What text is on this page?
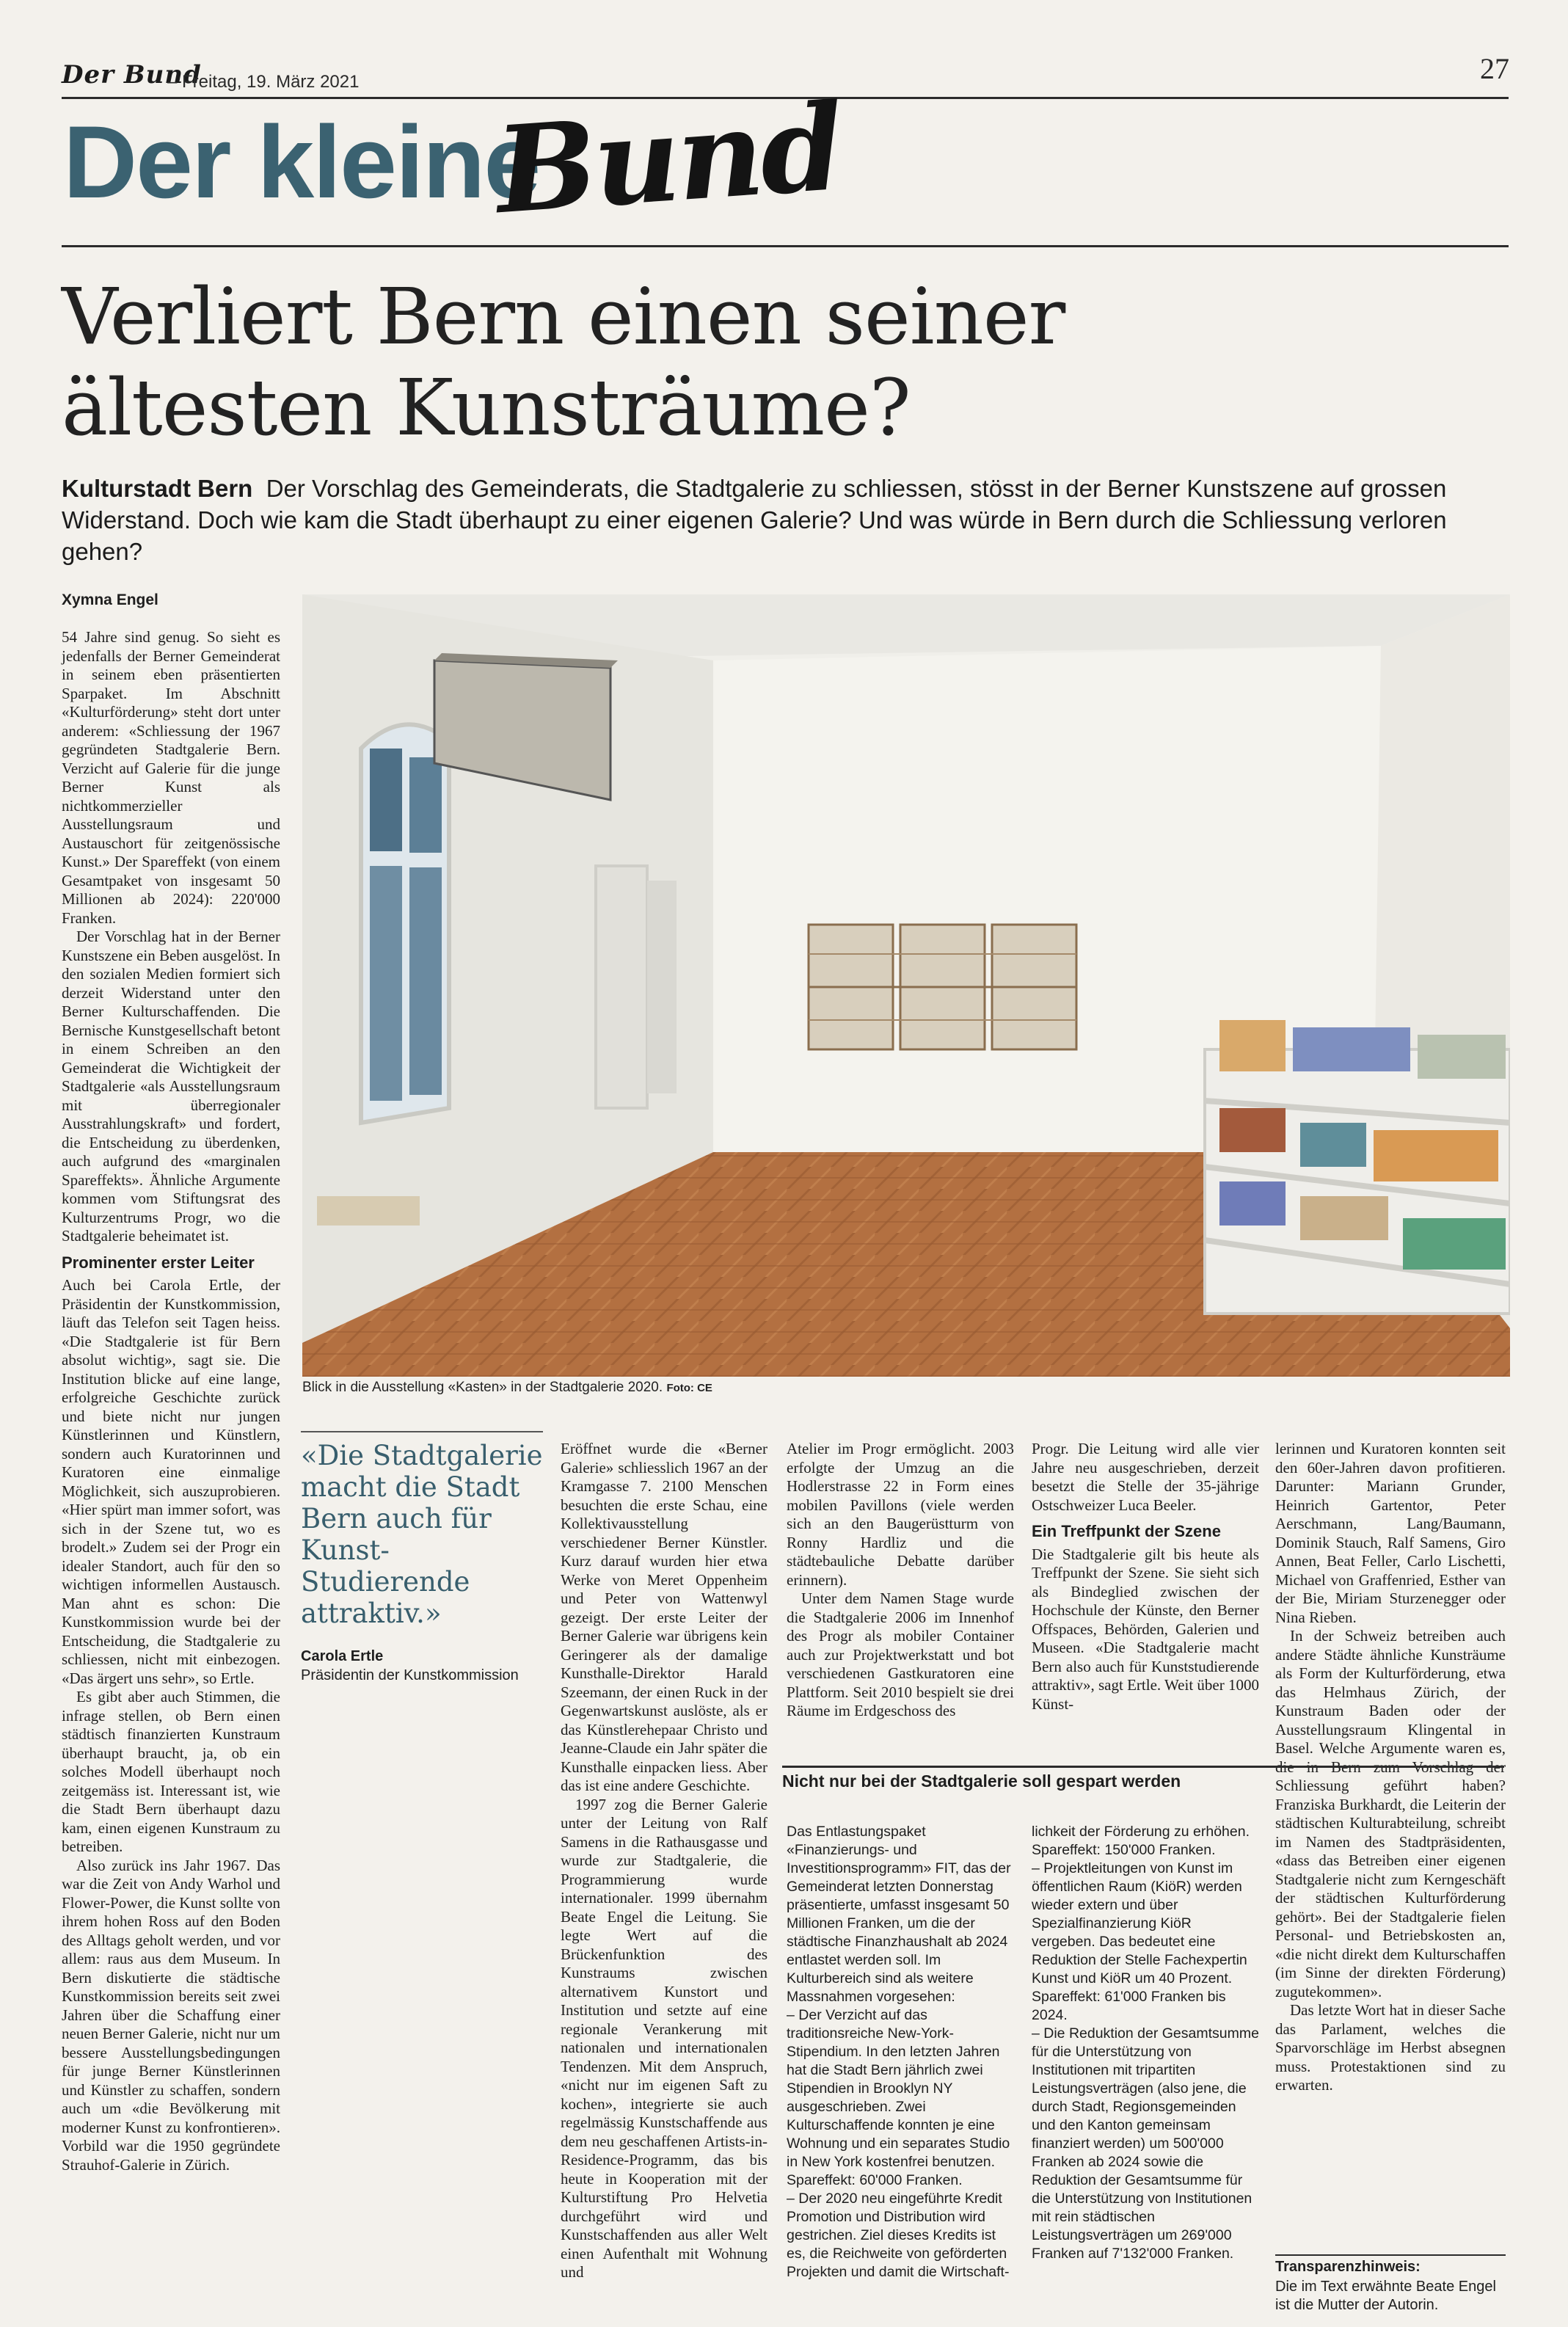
Der Bund
– Freitag, 19. März 2021	27
Der kleine
Bund
Verliert Bern einen seiner
ältesten Kunsträume?
Kulturstadt Bern Der Vorschlag des Gemeinderats, die Stadtgalerie zu schliessen, stösst in der Berner Kunstszene auf grossen Widerstand. Doch wie kam die Stadt überhaupt zu einer eigenen Galerie? Und was würde in Bern durch die Schliessung verloren gehen?
Xymna Engel

54 Jahre sind genug. So sieht es jedenfalls der Berner Gemeinderat in seinem eben präsentierten Sparpaket. Im Abschnitt «Kulturförderung» steht dort unter anderem: «Schliessung der 1967 gegründeten Stadtgalerie Bern. Verzicht auf Galerie für die junge Berner Kunst als nichtkommerzieller Ausstellungsraum und Austauschort für zeitgenössische Kunst.» Der Spareffekt (von einem Gesamtpaket von insgesamt 50 Millionen ab 2024): 220'000 Franken.

Der Vorschlag hat in der Berner Kunstszene ein Beben ausgelöst. In den sozialen Medien formiert sich derzeit Widerstand unter den Berner Kulturschaffenden. Die Bernische Kunstgesellschaft betont in einem Schreiben an den Gemeinderat die Wichtigkeit der Stadtgalerie «als Ausstellungsraum mit überregionaler Ausstrahlungskraft» und fordert, die Entscheidung zu überdenken, auch aufgrund des «marginalen Spareffekts». Ähnliche Argumente kommen vom Stiftungsrat des Kulturzentrums Progr, wo die Stadtgalerie beheimatet ist.

Prominenter erster Leiter

Auch bei Carola Ertle, der Präsidentin der Kunstkommission, läuft das Telefon seit Tagen heiss. «Die Stadtgalerie ist für Bern absolut wichtig», sagt sie. Die Institution blicke auf eine lange, erfolgreiche Geschichte zurück und biete nicht nur jungen Künstlerinnen und Künstlern, sondern auch Kuratorinnen und Kuratoren eine einmalige Möglichkeit, sich auszuprobieren. «Hier spürt man immer sofort, was sich in der Szene tut, wo es brodelt.» Zudem sei der Progr ein idealer Standort, auch für den so wichtigen informellen Austausch. Man ahnt es schon: Die Kunstkommission wurde bei der Entscheidung, die Stadtgalerie zu schliessen, nicht mit einbezogen. «Das ärgert uns sehr», so Ertle.

Es gibt aber auch Stimmen, die infrage stellen, ob Bern einen städtisch finanzierten Kunstraum überhaupt braucht, ja, ob ein solches Modell überhaupt noch zeitgemäss ist. Interessant ist, wie die Stadt Bern überhaupt dazu kam, einen eigenen Kunstraum zu betreiben.

Also zurück ins Jahr 1967. Das war die Zeit von Andy Warhol und Flower-Power, die Kunst sollte von ihrem hohen Ross auf den Boden des Alltags geholt werden, und vor allem: raus aus dem Museum. In Bern diskutierte die städtische Kunstkommission bereits seit zwei Jahren über die Schaffung einer neuen Berner Galerie, nicht nur um bessere Ausstellungsbedingungen für junge Berner Künstlerinnen und Künstler zu schaffen, sondern auch um «die Bevölkerung mit moderner Kunst zu konfrontieren». Vorbild war die 1950 gegründete Strauhof-Galerie in Zürich.

Blick in die Ausstellung «Kasten» in der Stadtgalerie 2020. Foto: CE
«Die Stadtgalerie macht die Stadt Bern auch für Kunst-Studierende attraktiv.»
Carola Ertle
Präsidentin der Kunstkommission

Eröffnet wurde die «Berner Galerie» schliesslich 1967 an der Kramgasse 7. 2100 Menschen besuchten die erste Schau, eine Kollektivausstellung verschiedener Berner Künstler. Kurz darauf wurden hier etwa Werke von Meret Oppenheim und Peter von Wattenwyl gezeigt. Der erste Leiter der Berner Galerie war übrigens kein Geringerer als der damalige Kunsthalle-Direktor Harald Szeemann, der einen Ruck in der Gegenwartskunst auslöste, als er das Künstlerehepaar Christo und Jeanne-Claude ein Jahr später die Kunsthalle einpacken liess. Aber das ist eine andere Geschichte.

1997 zog die Berner Galerie unter der Leitung von Ralf Samens in die Rathausgasse und wurde zur Stadtgalerie, die Programmierung wurde internationaler. 1999 übernahm Beate Engel die Leitung. Sie legte Wert auf die Brückenfunktion des Kunstraums zwischen alternativem Kunstort und Institution und setzte auf eine regionale Verankerung mit nationalen und internationalen Tendenzen. Mit dem Anspruch, «nicht nur im eigenen Saft zu kochen», integrierte sie auch regelmässig Kunstschaffende aus dem neu geschaffenen Artists-in-Residence-Programm, das bis heute in Kooperation mit der Kulturstiftung Pro Helvetia durchgeführt wird und Kunstschaffenden aus aller Welt einen Aufenthalt mit Wohnung und

Atelier im Progr ermöglicht. 2003 erfolgte der Umzug an die Hodlerstrasse 22 in Form eines mobilen Pavillons (viele werden sich an den Baugerüstturm von Ronny Hardliz und die städtebauliche Debatte darüber erinnern).

Unter dem Namen Stage wurde die Stadtgalerie 2006 im Innenhof des Progr als mobiler Container auch zur Projektwerkstatt und bot verschiedenen Gastkuratoren eine Plattform. Seit 2010 bespielt sie drei Räume im Erdgeschoss des

Progr. Die Leitung wird alle vier Jahre neu ausgeschrieben, derzeit besetzt die Stelle der 35-jährige Ostschweizer Luca Beeler.

Ein Treffpunkt der Szene

Die Stadtgalerie gilt bis heute als Treffpunkt der Szene. Sie sieht sich als Bindeglied zwischen der Hochschule der Künste, den Berner Offspaces, Behörden, Galerien und Museen. «Die Stadtgalerie macht Bern also auch für Kunststudierende attraktiv», sagt Ertle. Weit über 1000 Künst-

lerinnen und Kuratoren konnten seit den 60er-Jahren davon profitieren. Darunter: Mariann Grunder, Heinrich Gartentor, Peter Aerschmann, Lang/Baumann, Dominik Stauch, Ralf Samens, Giro Annen, Beat Feller, Carlo Lischetti, Michael von Graffenried, Esther van der Bie, Miriam Sturzenegger oder Nina Rieben.

In der Schweiz betreiben auch andere Städte ähnliche Kunsträume als Form der Kulturförderung, etwa das Helmhaus Zürich, der Kunstraum Baden oder der Ausstellungsraum Klingental in Basel. Welche Argumente waren es, die in Bern zum Vorschlag der Schliessung geführt haben? Franziska Burkhardt, die Leiterin der städtischen Kulturabteilung, schreibt im Namen des Stadtpräsidenten, «dass das Betreiben einer eigenen Stadtgalerie nicht zum Kerngeschäft der städtischen Kulturförderung gehört». Bei der Stadtgalerie fielen Personal- und Betriebskosten an, «die nicht direkt dem Kulturschaffen (im Sinne der direkten Förderung) zugutekommen».

Das letzte Wort hat in dieser Sache das Parlament, welches die Sparvorschläge im Herbst absegnen muss. Protestaktionen sind zu erwarten.

Nicht nur bei der Stadtgalerie soll gespart werden

Das Entlastungspaket «Finanzierungs- und Investitionsprogramm» FIT, das der Gemeinderat letzten Donnerstag präsentierte, umfasst insgesamt 50 Millionen Franken, um die der städtische Finanzhaushalt ab 2024 entlastet werden soll. Im Kulturbereich sind als weitere Massnahmen vorgesehen:

– Der Verzicht auf das traditionsreiche New-York-Stipendium. In den letzten Jahren hat die Stadt Bern jährlich zwei Stipendien in Brooklyn NY ausgeschrieben. Zwei Kulturschaffende konnten je eine Wohnung und ein separates Studio in New York kostenfrei benutzen. Spareffekt: 60'000 Franken.

– Der 2020 neu eingeführte Kredit Promotion und Distribution wird gestrichen. Ziel dieses Kredits ist es, die Reichweite von geförderten Projekten und damit die Wirtschaft-

lichkeit der Förderung zu erhöhen. Spareffekt: 150'000 Franken.

– Projektleitungen von Kunst im öffentlichen Raum (KiöR) werden wieder extern und über Spezialfinanzierung KiöR vergeben. Das bedeutet eine Reduktion der Stelle Fachexpertin Kunst und KiöR um 40 Prozent. Spareffekt: 61'000 Franken bis 2024.

– Die Reduktion der Gesamtsumme für die Unterstützung von Institutionen mit tripartiten Leistungsverträgen (also jene, die durch Stadt, Regionsgemeinden und den Kanton gemeinsam finanziert werden) um 500'000 Franken ab 2024 sowie die Reduktion der Gesamtsumme für die Unterstützung von Institutionen mit rein städtischen Leistungsverträgen um 269'000 Franken auf 7'132'000 Franken.

Transparenzhinweis:
Die im Text erwähnte Beate Engel ist die Mutter der Autorin.
